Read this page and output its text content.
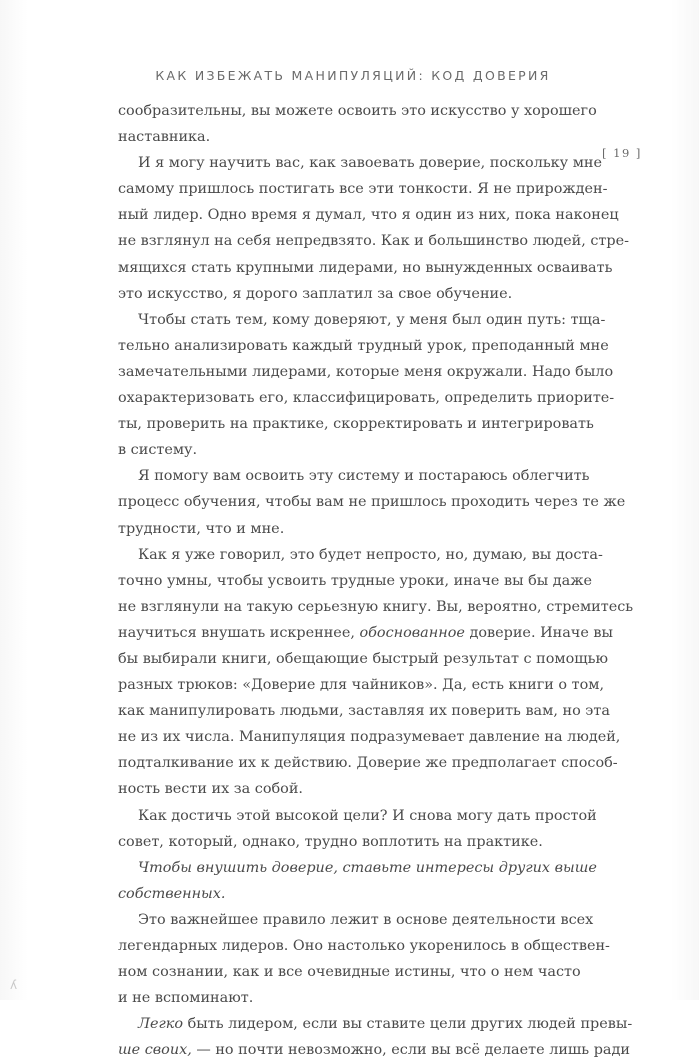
КАК ИЗБЕЖАТЬ МАНИПУЛЯЦИЙ: КОД ДОВЕРИЯ
[ 19 ]
сообразительны, вы можете освоить это искусство у хорошего
наставника.
И я могу научить вас, как завоевать доверие, поскольку мне
самому пришлось постигать все эти тонкости. Я не прирожден-
ный лидер. Одно время я думал, что я один из них, пока наконец
не взглянул на себя непредвзято. Как и большинство людей, стре-
мящихся стать крупными лидерами, но вынужденных осваивать
это искусство, я дорого заплатил за свое обучение.
Чтобы стать тем, кому доверяют, у меня был один путь: тща-
тельно анализировать каждый трудный урок, преподанный мне
замечательными лидерами, которые меня окружали. Надо было
охарактеризовать его, классифицировать, определить приорите-
ты, проверить на практике, скорректировать и интегрировать
в систему.
Я помогу вам освоить эту систему и постараюсь облегчить
процесс обучения, чтобы вам не пришлось проходить через те же
трудности, что и мне.
Как я уже говорил, это будет непросто, но, думаю, вы доста-
точно умны, чтобы усвоить трудные уроки, иначе вы бы даже
не взглянули на такую серьезную книгу. Вы, вероятно, стремитесь
научиться внушать искреннее, обоснованное доверие. Иначе вы
бы выбирали книги, обещающие быстрый результат с помощью
разных трюков: «Доверие для чайников». Да, есть книги о том,
как манипулировать людьми, заставляя их поверить вам, но эта
не из их числа. Манипуляция подразумевает давление на людей,
подталкивание их к действию. Доверие же предполагает способ-
ность вести их за собой.
Как достичь этой высокой цели? И снова могу дать простой
совет, который, однако, трудно воплотить на практике.
Чтобы внушить доверие, ставьте интересы других выше
собственных.
Это важнейшее правило лежит в основе деятельности всех
легендарных лидеров. Оно настолько укоренилось в обществен-
ном сознании, как и все очевидные истины, что о нем часто
и не вспоминают.
Легко быть лидером, если вы ставите цели других людей превы-
ше своих, — но почти невозможно, если вы всё делаете лишь ради
ʎ
